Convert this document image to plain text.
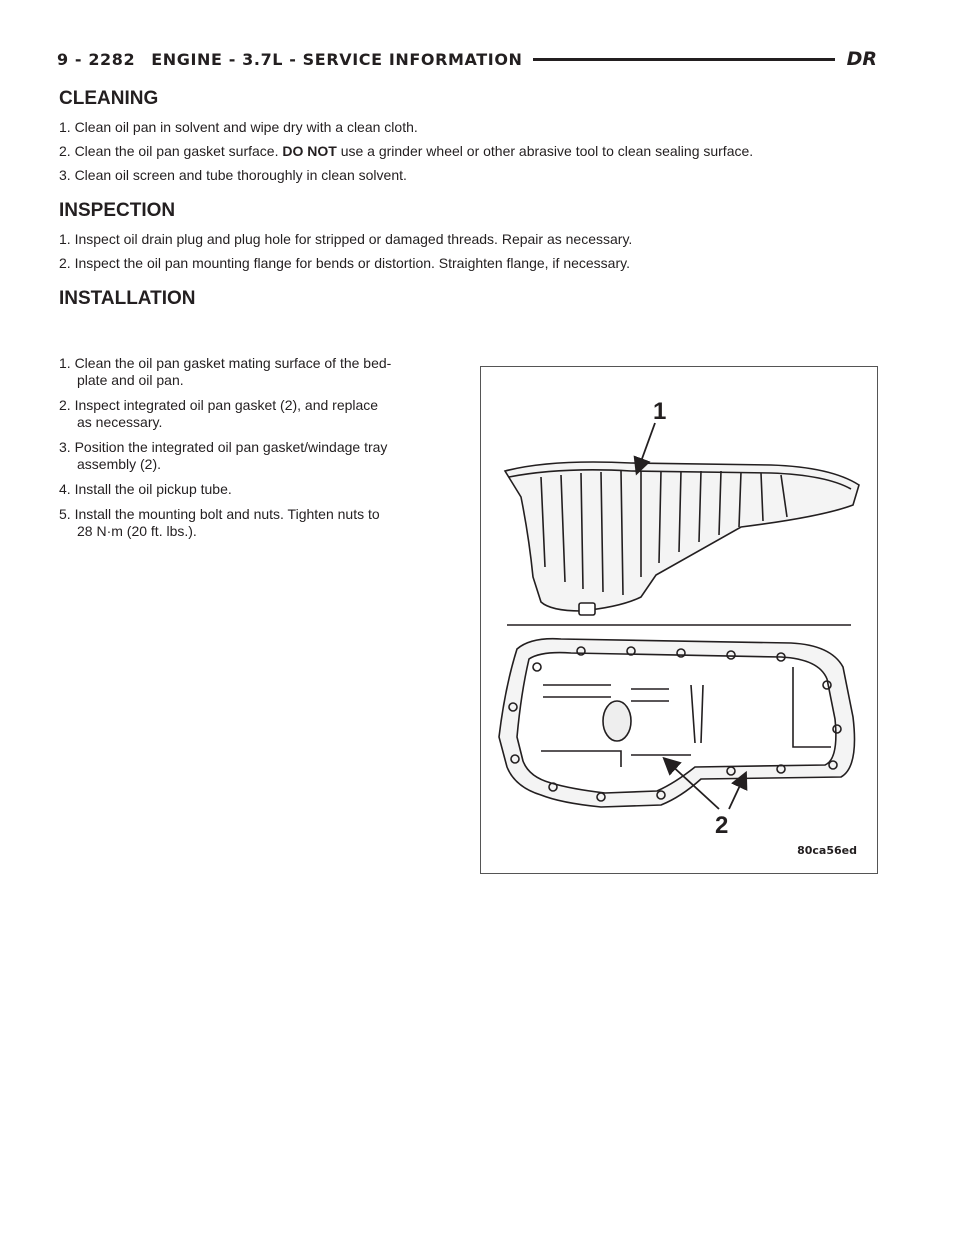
9 - 2282 ENGINE - 3.7L - SERVICE INFORMATION	DR
CLEANING

1. Clean oil pan in solvent and wipe dry with a clean cloth.

2. Clean the oil pan gasket surface. DO NOT use a grinder wheel or other abrasive tool to clean sealing surface.

3. Clean oil screen and tube thoroughly in clean solvent.

INSPECTION

1. Inspect oil drain plug and plug hole for stripped or damaged threads. Repair as necessary.

2. Inspect the oil pan mounting flange for bends or distortion. Straighten flange, if necessary.

INSTALLATION
1. Clean the oil pan gasket mating surface of the bed-
plate and oil pan.
2. Inspect integrated oil pan gasket (2), and replace
as necessary.
3. Position the integrated oil pan gasket/windage tray
assembly (2).
4. Install the oil pickup tube.
5. Install the mounting bolt and nuts. Tighten nuts to
28 N·m (20 ft. lbs.).
1
2
80ca56ed
